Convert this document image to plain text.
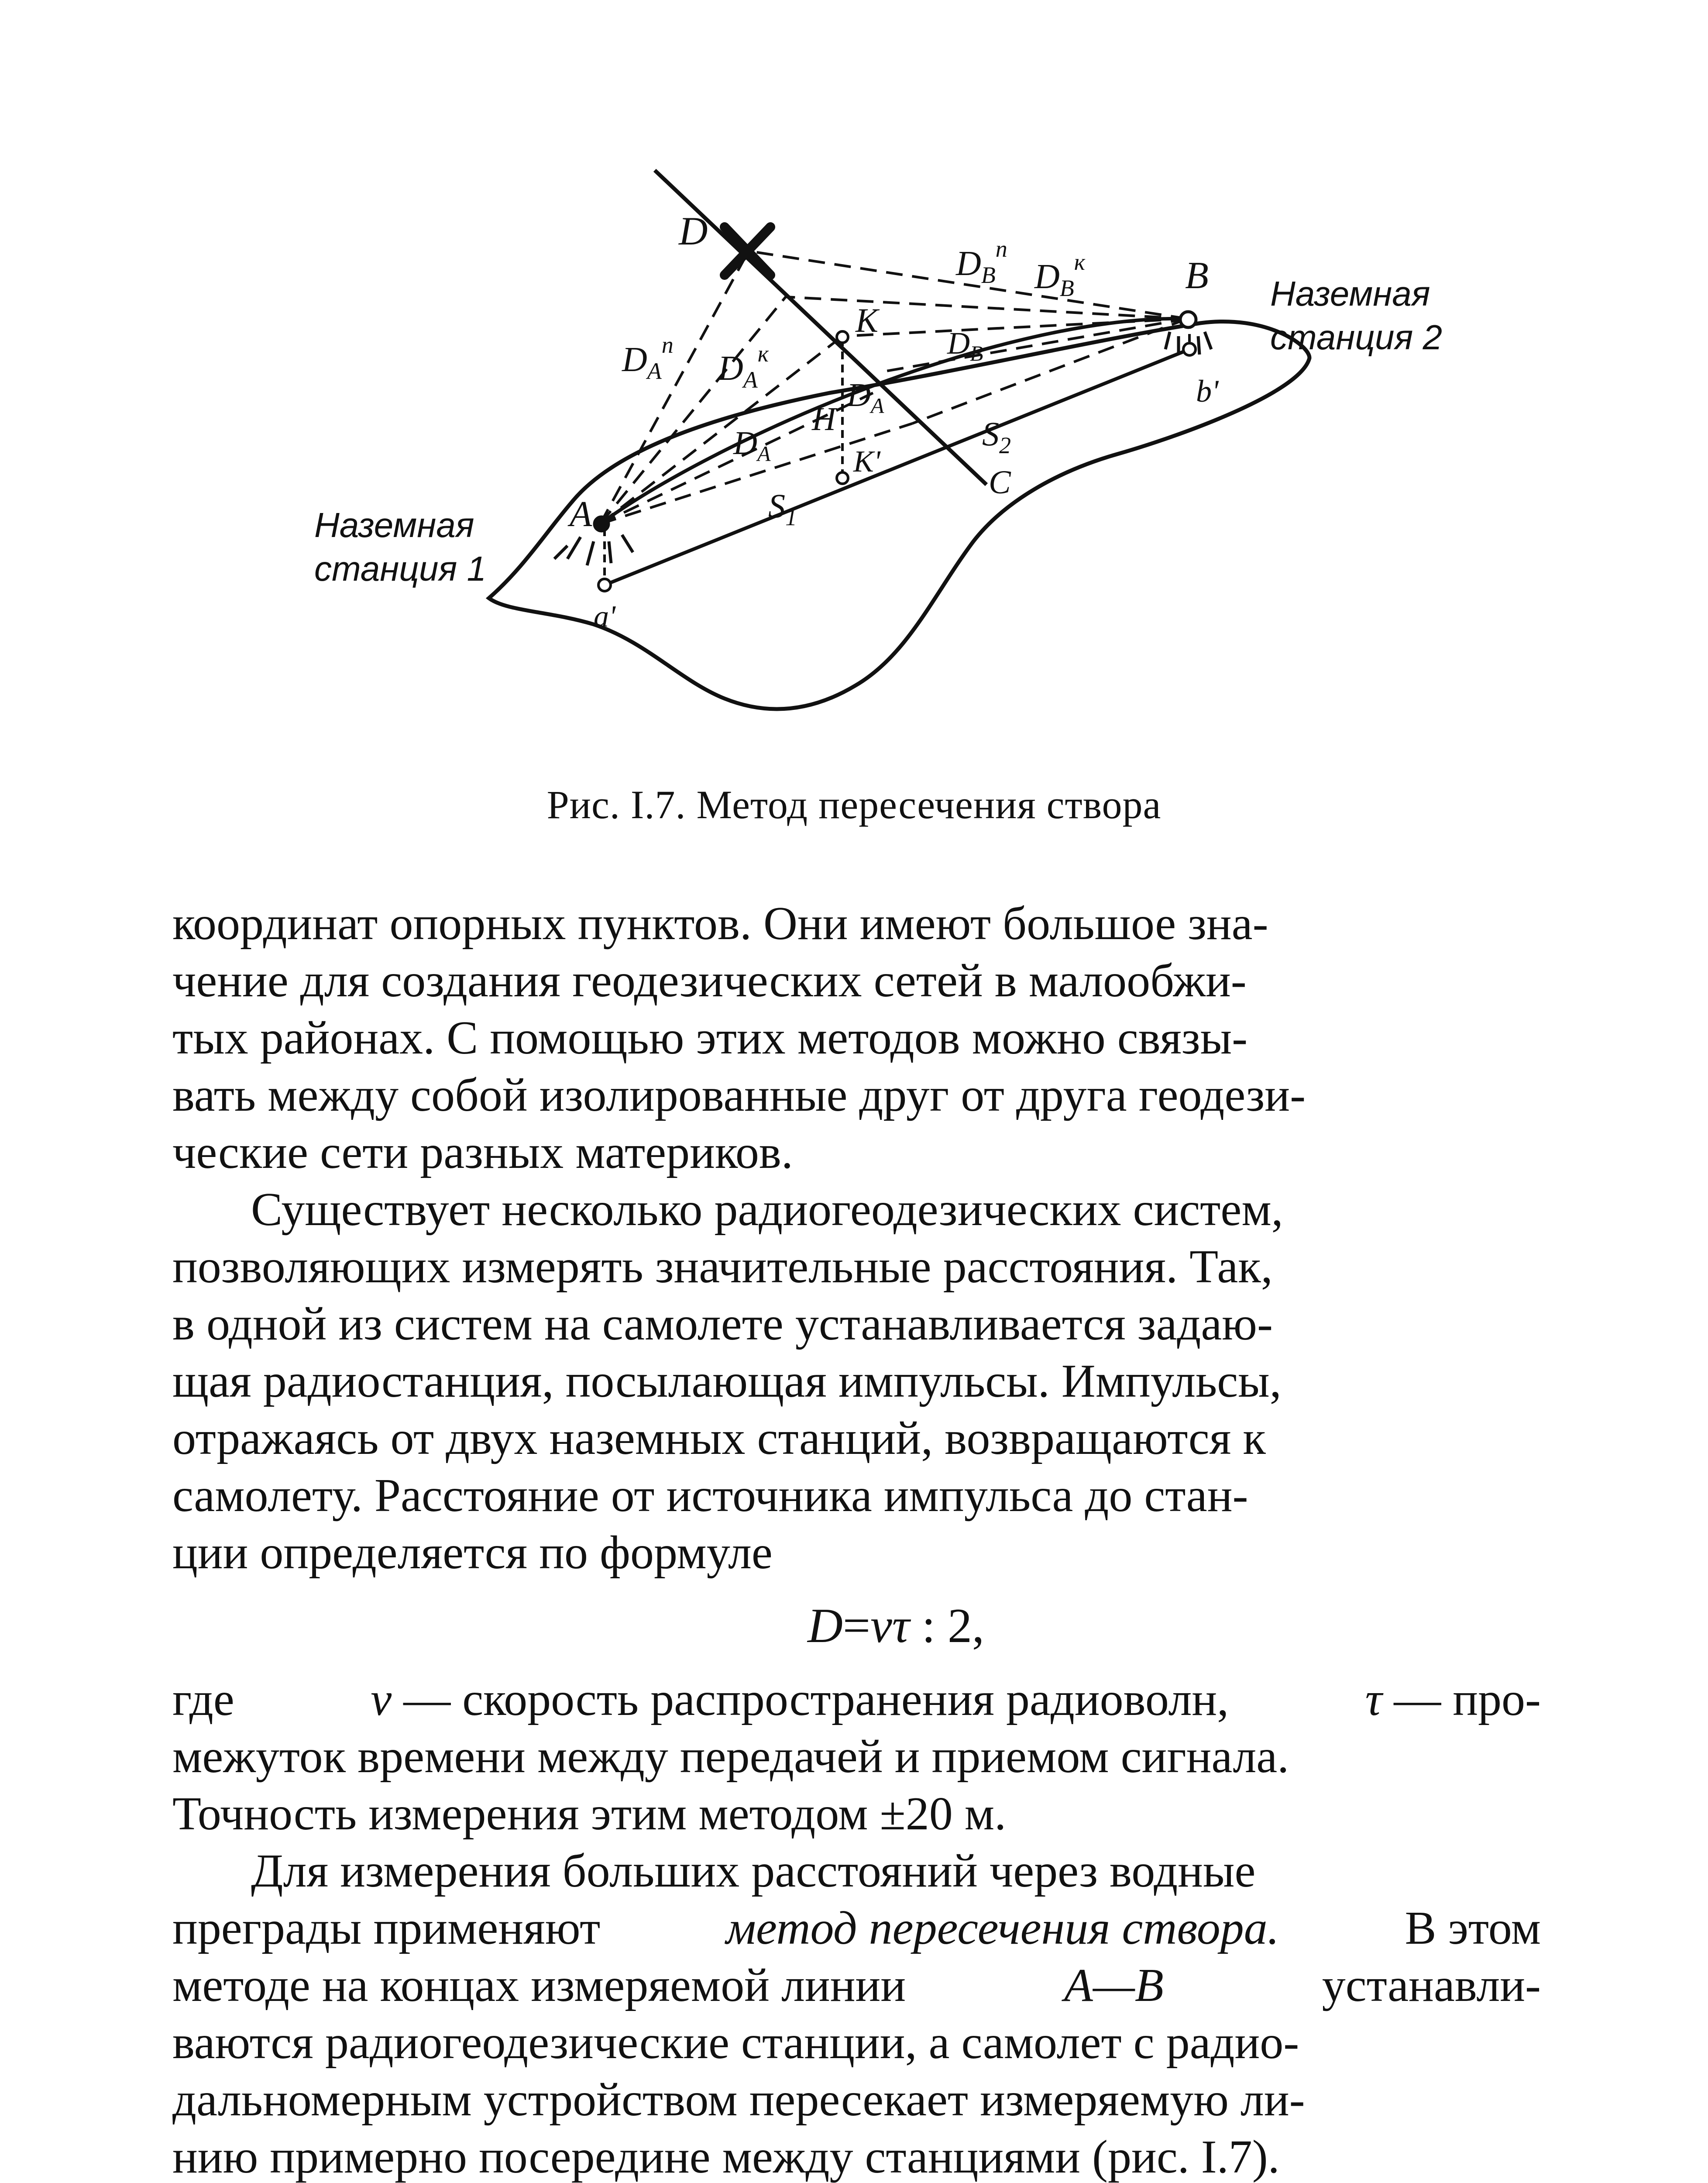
D
$D_B^n$
$D_B^к$	B
b'
K
$D_B$
$D_A^n$
$D_A^к$
$D_A$
$D_A$
H
K'
$S_2$
C
$S_1$
A
a'
Наземная
станция 1
Наземная
станция 2
Рис. I.7. Метод пересечения створа
координат опорных пунктов. Они имеют большое зна-
чение для создания геодезических сетей в малообжи-
тых районах. С помощью этих методов можно связы-
вать между собой изолированные друг от друга геодези-
ческие сети разных материков.
Существует несколько радиогеодезических систем,
позволяющих измерять значительные расстояния. Так,
в одной из систем на самолете устанавливается задаю-
щая радиостанция, посылающая импульсы. Импульсы,
отражаясь от двух наземных станций, возвращаются к
самолету. Расстояние от источника импульса до стан-
ции определяется по формуле
D = vτ
: 2,
где	v — скорость распространения радиоволн,	τ — про-
межуток времени между передачей и приемом сигнала.
Точность измерения этим методом ±20 м.
Для измерения больших расстояний через водные
преграды применяют	метод пересечения створа.	В этом
методе на концах измеряемой линии	A—B	устанавли-
ваются радиогеодезические станции, а самолет с радио-
дальномерным устройством пересекает измеряемую ли-
нию примерно посередине между станциями (рис. I.7).
